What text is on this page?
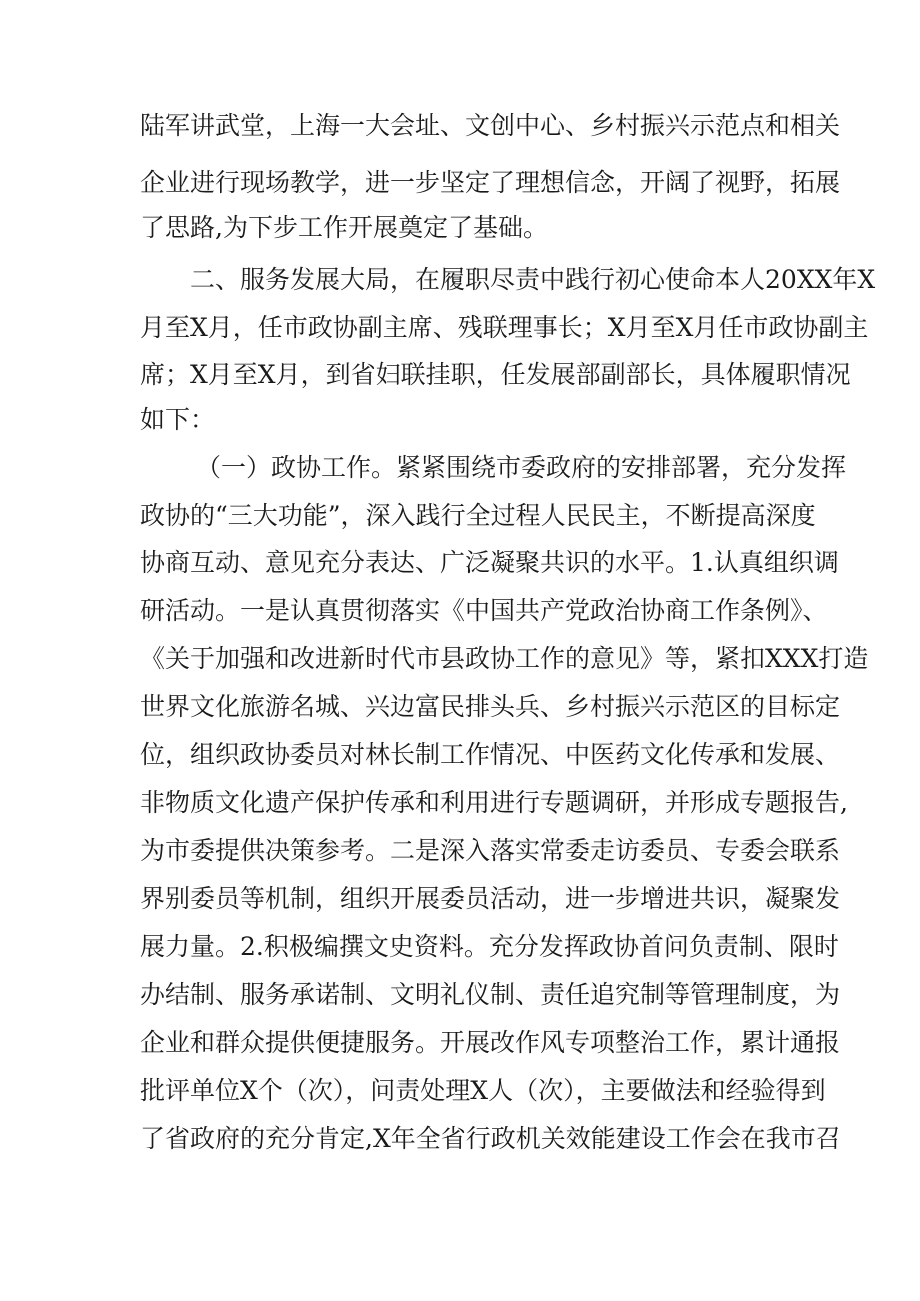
陆军讲武堂，上海一大会址、文创中心、乡村振兴示范点和相关
企业进行现场教学，进一步坚定了理想信念，开阔了视野，拓展
了思路,为下步工作开展奠定了基础。
二、服务发展大局，在履职尽责中践行初心使命本人20XX年X
月至X月，任市政协副主席、残联理事长；X月至X月任市政协副主
席；X月至X月，到省妇联挂职，任发展部副部长，具体履职情况
如下：
（一）政协工作。紧紧围绕市委政府的安排部署，充分发挥
政协的“三大功能”，深入践行全过程人民民主，不断提高深度
协商互动、意见充分表达、广泛凝聚共识的水平。1.认真组织调
研活动。一是认真贯彻落实《中国共产党政治协商工作条例》、
《关于加强和改进新时代市县政协工作的意见》等，紧扣XXX打造
世界文化旅游名城、兴边富民排头兵、乡村振兴示范区的目标定
位，组织政协委员对林长制工作情况、中医药文化传承和发展、
非物质文化遗产保护传承和利用进行专题调研，并形成专题报告,
为市委提供决策参考。二是深入落实常委走访委员、专委会联系
界别委员等机制，组织开展委员活动，进一步增进共识，凝聚发
展力量。2.积极编撰文史资料。充分发挥政协首问负责制、限时
办结制、服务承诺制、文明礼仪制、责任追究制等管理制度，为
企业和群众提供便捷服务。开展改作风专项整治工作，累计通报
批评单位X个（次），问责处理X人（次），主要做法和经验得到
了省政府的充分肯定,X年全省行政机关效能建设工作会在我市召
